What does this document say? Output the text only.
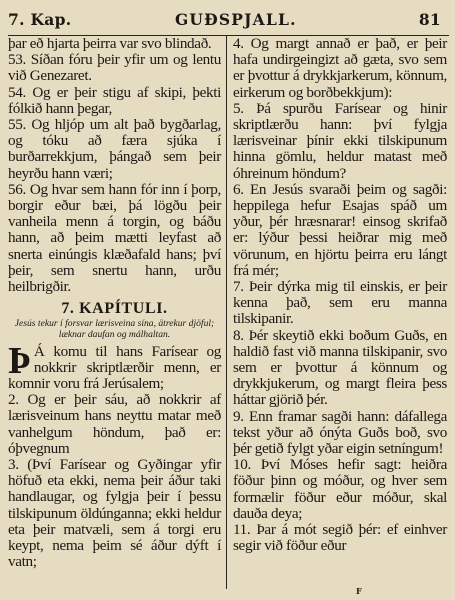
7. Kap.	GUÐSPJALL.	81

þar eð hjarta þeirra var svo blindað.

53. Síðan fóru þeir yfir um og lentu við Genezaret.

54. Og er þeir stigu af skipi, þekti fólkið hann þegar,

55. Og hljóp um alt það bygðarlag, og tóku að færa sjúka í burðarrekkjum, þángað sem þeir heyrðu hann væri;

56. Og hvar sem hann fór inn í þorp, borgir eður bæi, þá lögðu þeir vanheila menn á torgin, og báðu hann, að þeim mætti leyfast að snerta einúngis klæðafald hans; því þeir, sem snertu hann, urðu heilbrigðir.

7. KAPÍTULI.

Jesús tekur í forsvar lærisveina sína, ätrekur djöful; læknar daufan og málhaltan.

Þ Á komu til hans Farísear og nokkrir skriptlærðir menn, er komnir voru frá Jerúsalem;

2. Og er þeir sáu, að nokkrir af lærisveinum hans neyttu matar með vanhelgum höndum, það er: óþvegnum

3. (Því Farísear og Gyðingar yfir höfuð eta ekki, nema þeir áður taki handlaugar, og fylgja þeir í þessu tilskipunum öldúnganna; ekki heldur eta þeir matvæli, sem á torgi eru keypt, nema þeim sé áður dýft í vatn;

4. Og margt annað er það, er þeir hafa undirgeingizt að gæta, svo sem er þvottur á drykkjarkerum, könnum, eirkerum og borðbekkjum):

5. Þá spurðu Farísear og hinir skriptlærðu hann: því fylgja lærisveinar þínir ekki tilskipunum hinna gömlu, heldur matast með óhreinum höndum?

6. En Jesús svaraði þeim og sagði: heppilega hefur Esajas spáð um yður, þér hræsnarar! einsog skrifað er: lýður þessi heiðrar mig með vörunum, en hjörtu þeirra eru lángt frá mér;

7. Þeir dýrka mig til einskis, er þeir kenna það, sem eru manna tilskipanir.

8. Þér skeytið ekki boðum Guðs, en haldið fast við manna tilskipanir, svo sem er þvottur á könnum og drykkjukerum, og margt fleira þess háttar gjörið þér.

9. Enn framar sagði hann: dáfallega tekst yður að ónýta Guðs boð, svo þér getið fylgt yðar eigin setníngum!

10. Því Móses hefir sagt: heiðra föður þinn og móður, og hver sem formælir föður eður móður, skal dauða deya;

11. Þar á mót segið þér: ef einhver segir við föður eður

F
